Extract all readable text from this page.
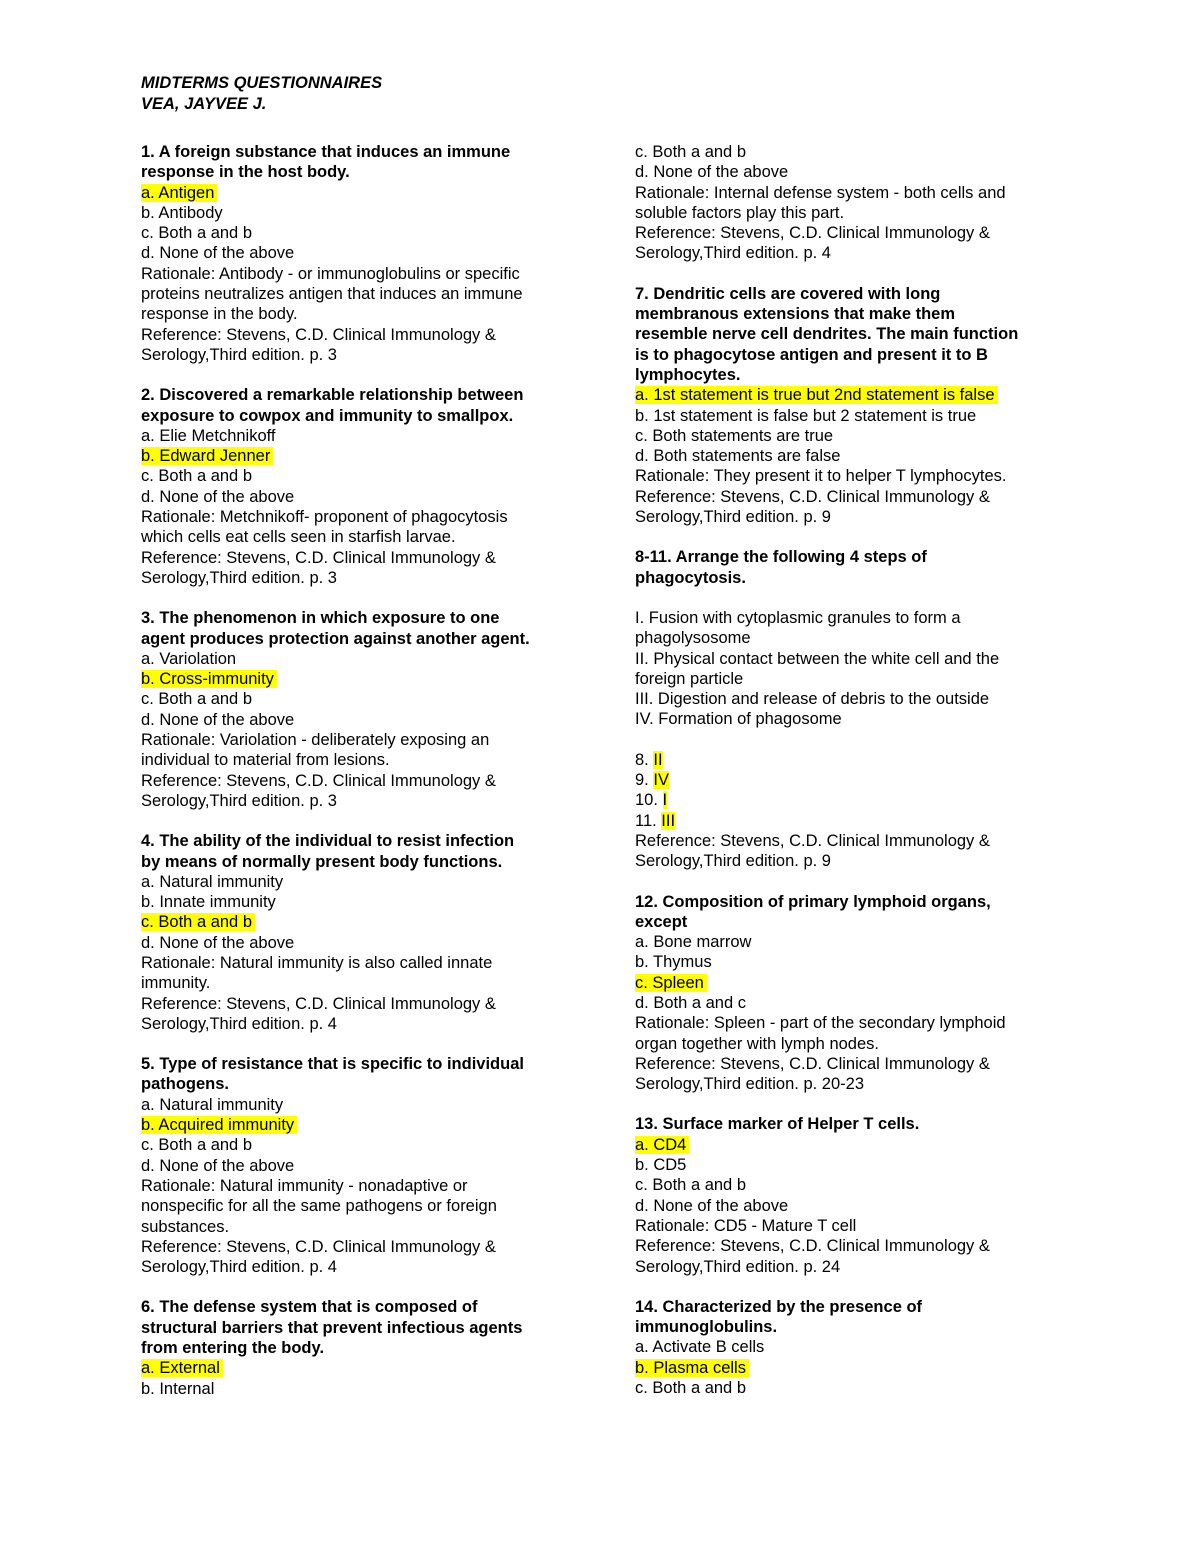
MIDTERMS QUESTIONNAIRES
VEA, JAYVEE J.
1. A foreign substance that induces an immune
response in the host body.
a. Antigen
b. Antibody
c. Both a and b
d. None of the above
Rationale: Antibody - or immunoglobulins or specific
proteins neutralizes antigen that induces an immune
response in the body.
Reference: Stevens, C.D. Clinical Immunology &
Serology,Third edition. p. 3
2. Discovered a remarkable relationship between
exposure to cowpox and immunity to smallpox.
a. Elie Metchnikoff
b. Edward Jenner
c. Both a and b
d. None of the above
Rationale: Metchnikoff- proponent of phagocytosis
which cells eat cells seen in starfish larvae.
Reference: Stevens, C.D. Clinical Immunology &
Serology,Third edition. p. 3
3. The phenomenon in which exposure to one
agent produces protection against another agent.
a. Variolation
b. Cross-immunity
c. Both a and b
d. None of the above
Rationale: Variolation - deliberately exposing an
individual to material from lesions.
Reference: Stevens, C.D. Clinical Immunology &
Serology,Third edition. p. 3
4. The ability of the individual to resist infection
by means of normally present body functions.
a. Natural immunity
b. Innate immunity
c. Both a and b
d. None of the above
Rationale: Natural immunity is also called innate
immunity.
Reference: Stevens, C.D. Clinical Immunology &
Serology,Third edition. p. 4
5. Type of resistance that is specific to individual
pathogens.
a. Natural immunity
b. Acquired immunity
c. Both a and b
d. None of the above
Rationale: Natural immunity - nonadaptive or
nonspecific for all the same pathogens or foreign
substances.
Reference: Stevens, C.D. Clinical Immunology &
Serology,Third edition. p. 4
6. The defense system that is composed of
structural barriers that prevent infectious agents
from entering the body.
a. External
b. Internal
c. Both a and b
d. None of the above
Rationale: Internal defense system - both cells and
soluble factors play this part.
Reference: Stevens, C.D. Clinical Immunology &
Serology,Third edition. p. 4
7. Dendritic cells are covered with long
membranous extensions that make them
resemble nerve cell dendrites. The main function
is to phagocytose antigen and present it to B
lymphocytes.
a. 1st statement is true but 2nd statement is false
b. 1st statement is false but 2 statement is true
c. Both statements are true
d. Both statements are false
Rationale: They present it to helper T lymphocytes.
Reference: Stevens, C.D. Clinical Immunology &
Serology,Third edition. p. 9
8-11. Arrange the following 4 steps of
phagocytosis.
I. Fusion with cytoplasmic granules to form a
phagolysosome
II. Physical contact between the white cell and the
foreign particle
III. Digestion and release of debris to the outside
IV. Formation of phagosome
8. II
9. IV
10. I
11. III
Reference: Stevens, C.D. Clinical Immunology &
Serology,Third edition. p. 9
12. Composition of primary lymphoid organs,
except
a. Bone marrow
b. Thymus
c. Spleen
d. Both a and c
Rationale: Spleen - part of the secondary lymphoid
organ together with lymph nodes.
Reference: Stevens, C.D. Clinical Immunology &
Serology,Third edition. p. 20-23
13. Surface marker of Helper T cells.
a. CD4
b. CD5
c. Both a and b
d. None of the above
Rationale: CD5 - Mature T cell
Reference: Stevens, C.D. Clinical Immunology &
Serology,Third edition. p. 24
14. Characterized by the presence of
immunoglobulins.
a. Activate B cells
b. Plasma cells
c. Both a and b
